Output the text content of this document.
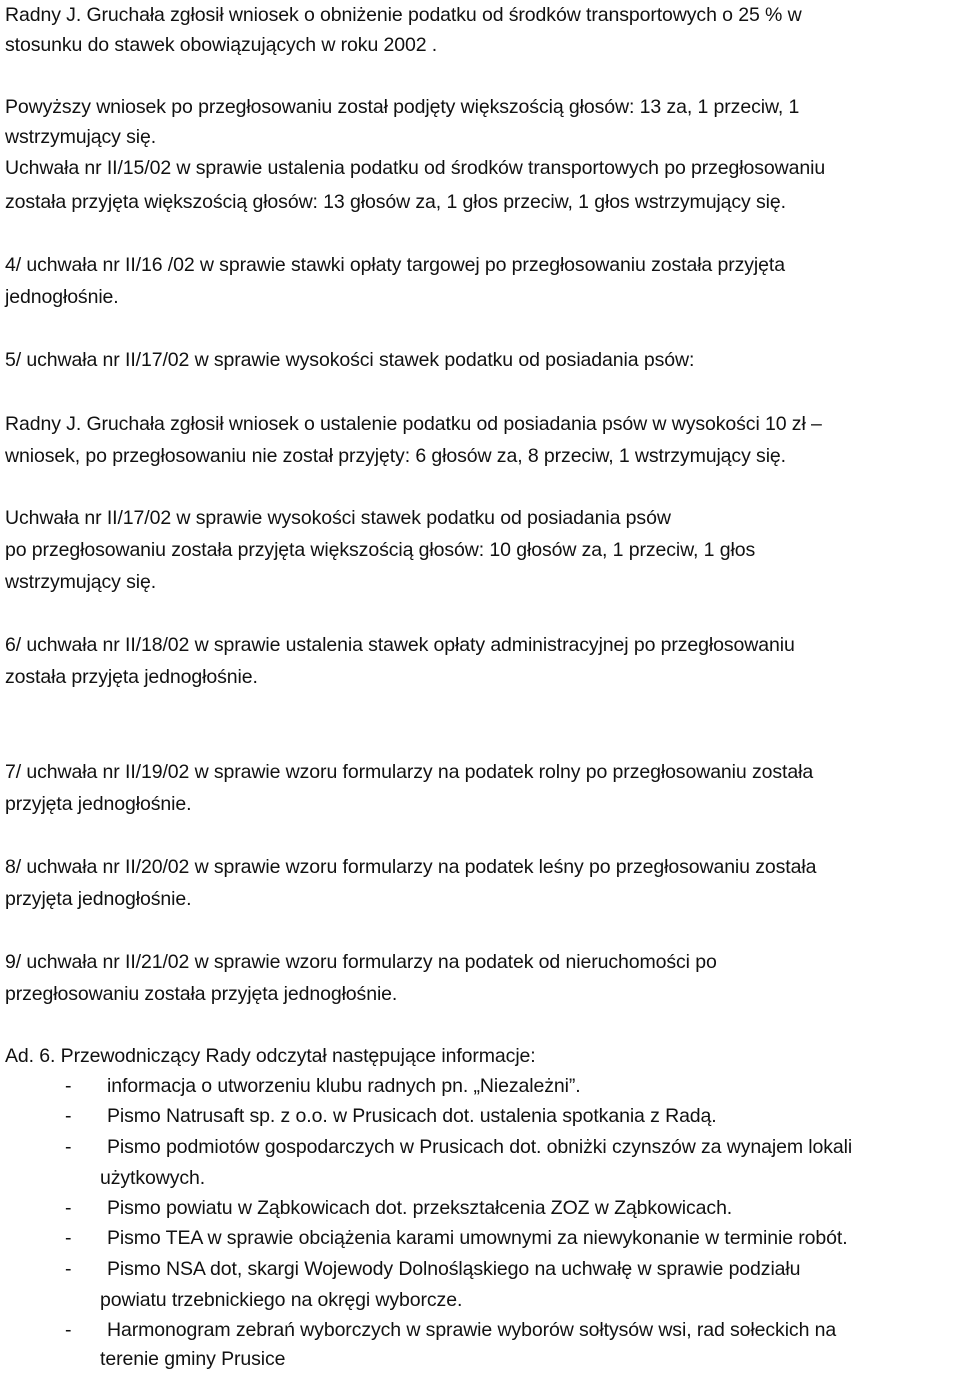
Radny J. Gruchała zgłosił wniosek o obniżenie podatku od środków transportowych o 25 % w
stosunku do stawek obowiązujących w roku 2002 .
Powyższy wniosek po przegłosowaniu został podjęty większością głosów: 13 za, 1 przeciw, 1
wstrzymujący się.
Uchwała nr II/15/02 w sprawie ustalenia podatku od środków transportowych po przegłosowaniu
została przyjęta większością głosów: 13 głosów za, 1 głos przeciw, 1 głos wstrzymujący się.
4/ uchwała nr II/16 /02 w sprawie stawki opłaty targowej po przegłosowaniu została przyjęta
jednogłośnie.
5/ uchwała nr II/17/02 w sprawie wysokości stawek podatku od posiadania psów:
Radny J. Gruchała zgłosił wniosek o ustalenie podatku od posiadania psów w wysokości 10 zł –
wniosek, po przegłosowaniu nie został przyjęty: 6 głosów za, 8 przeciw, 1 wstrzymujący się.
Uchwała nr II/17/02 w sprawie wysokości stawek podatku od posiadania psów
po przegłosowaniu została przyjęta większością głosów: 10 głosów za, 1 przeciw, 1 głos
wstrzymujący się.
6/ uchwała nr II/18/02 w sprawie ustalenia stawek opłaty administracyjnej po przegłosowaniu
została przyjęta jednogłośnie.
7/ uchwała nr II/19/02 w sprawie wzoru formularzy na podatek rolny po przegłosowaniu została
przyjęta jednogłośnie.
8/ uchwała nr II/20/02 w sprawie wzoru formularzy na podatek leśny po przegłosowaniu została
przyjęta jednogłośnie.
9/ uchwała nr II/21/02 w sprawie wzoru formularzy na podatek od nieruchomości po
przegłosowaniu została przyjęta jednogłośnie.
Ad. 6. Przewodniczący Rady odczytał następujące informacje:
- informacja o utworzeniu klubu radnych pn. „Niezależni”.
- Pismo Natrusaft sp. z o.o. w Prusicach dot. ustalenia spotkania z Radą.
- Pismo podmiotów gospodarczych w Prusicach dot. obniżki czynszów za wynajem lokali
użytkowych.
- Pismo powiatu w Ząbkowicach dot. przekształcenia ZOZ w Ząbkowicach.
- Pismo TEA w sprawie obciążenia karami umownymi za niewykonanie w terminie robót.
- Pismo NSA dot, skargi Wojewody Dolnośląskiego na uchwałę w sprawie podziału
powiatu trzebnickiego na okręgi wyborcze.
- Harmonogram zebrań wyborczych w sprawie wyborów sołtysów wsi, rad sołeckich na
terenie gminy Prusice
